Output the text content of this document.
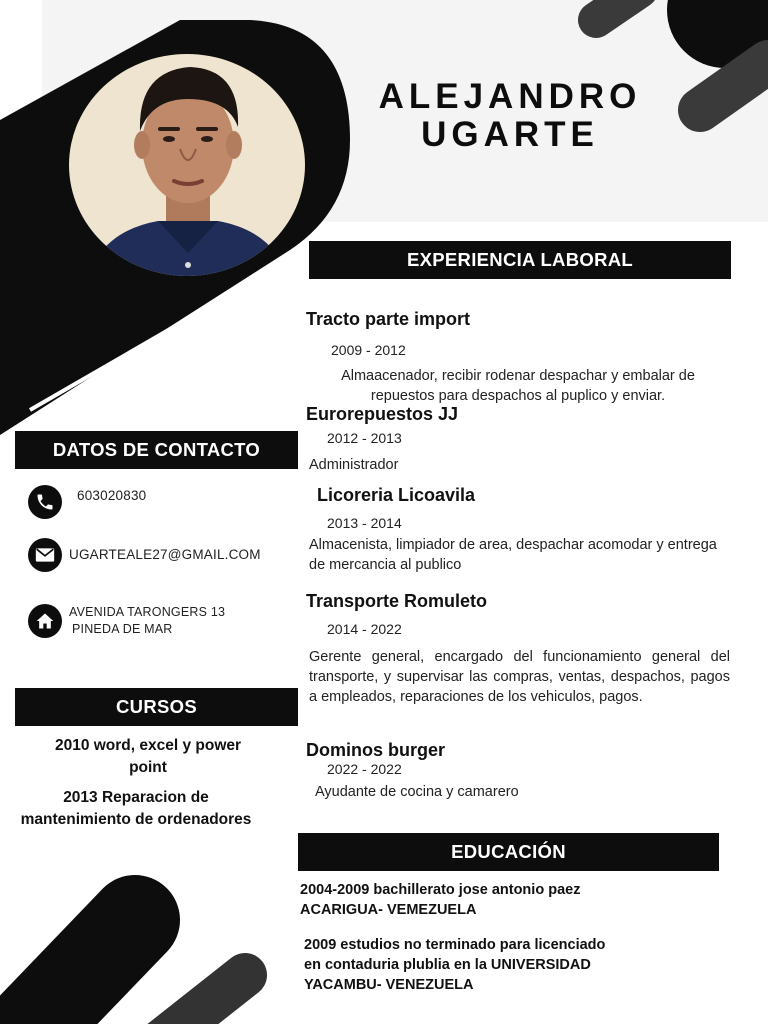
ALEJANDRO
UGARTE
EXPERIENCIA LABORAL
Tracto parte import
2009 - 2012
Almaacenador, recibir rodenar despachar y embalar de repuestos para despachos al puplico y enviar.
Eurorepuestos JJ
2012 - 2013
Administrador
Licoreria Licoavila
2013 - 2014
Almacenista, limpiador de area, despachar acomodar y entrega de mercancia al publico
Transporte Romuleto
2014 - 2022
Gerente general, encargado del funcionamiento general del transporte, y supervisar las compras, ventas, despachos, pagos a empleados, reparaciones de los vehiculos, pagos.
Dominos burger
2022 - 2022
Ayudante de cocina y camarero
DATOS DE CONTACTO
603020830
UGARTEALE27@GMAIL.COM
AVENIDA TARONGERS 13
PINEDA DE MAR
CURSOS
2010 word, excel y power point
2013 Reparacion de mantenimiento de ordenadores
EDUCACIÓN
2004-2009 bachillerato jose antonio paez ACARIGUA- VEMEZUELA
2009 estudios no terminado para licenciado en contaduria plublia en la UNIVERSIDAD YACAMBU- VENEZUELA
